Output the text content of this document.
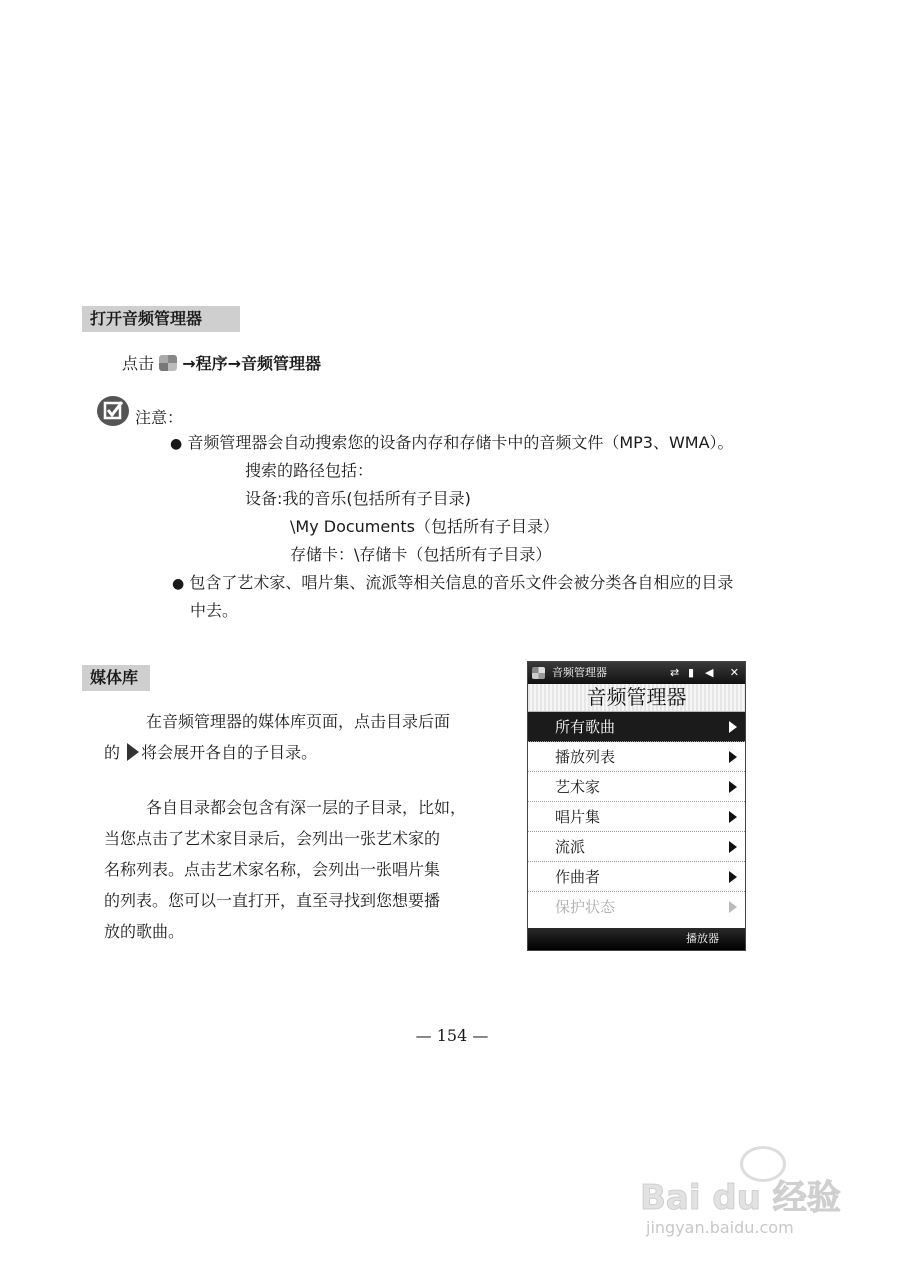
打开音频管理器
点击 →程序→音频管理器
注意：
● 音频管理器会自动搜索您的设备内存和存储卡中的音频文件（MP3、WMA）。
搜索的路径包括：
设备:我的音乐(包括所有子目录)
\My Documents（包括所有子目录）
存储卡：\存储卡（包括所有子目录）
● 包含了艺术家、唱片集、流派等相关信息的音乐文件会被分类各自相应的目录
中去。
媒体库
在音频管理器的媒体库页面，点击目录后面
的 将会展开各自的子目录。
各自目录都会包含有深一层的子目录，比如，
当您点击了艺术家目录后，会列出一张艺术家的
名称列表。点击艺术家名称，会列出一张唱片集
的列表。您可以一直打开，直至寻找到您想要播
放的歌曲。
音频管理器	⇄ ▮ ◀ ✕
音频管理器
所有歌曲
播放列表
艺术家
唱片集
流派
作曲者
保护状态
播放器
— 154 —
Bai du 经验
jingyan.baidu.com
